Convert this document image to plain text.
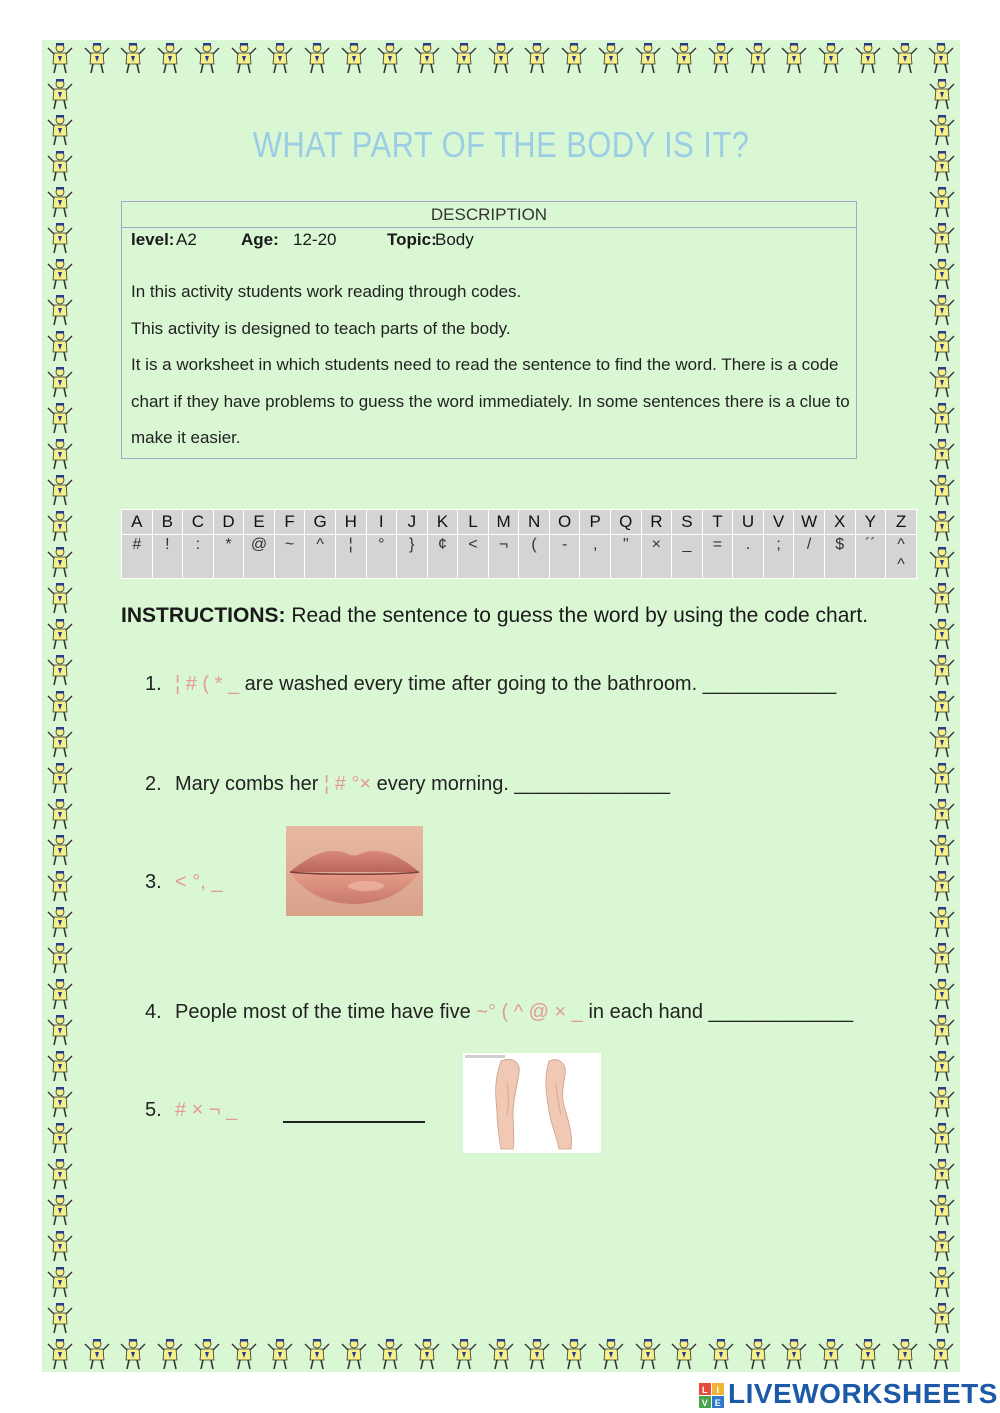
WHAT PART OF THE BODY IS IT?
DESCRIPTION
level:A2	Age: 12-20	Topic:Body

In this activity students work reading through codes.

This activity is designed to teach parts of the body.

It is a worksheet in which students need to read the sentence to find the word. There is a code chart if they have problems to guess the word immediately. In some sentences there is a clue to make it easier.

A	B	C	D	E	F	G	H	I	J	K	L	M	N	O	P	Q	R	S	T	U	V	W	X	Y	Z
#	!	:	*	@	~	^	¦	°	}	¢	<	¬	(	-	,	"	×	_	=	.	;	/	$	´´	^
^
INSTRUCTIONS: Read the sentence to guess the word by using the code chart.
1. ¦ # ( * _ are washed every time after going to the bathroom. ____________
2. Mary combs her ¦ # °× every morning. ______________
3. < °, _
4. People most of the time have five ~° ( ^ @ × _ in each hand _____________
5. # × ¬ _
L I
V E LIVEWORKSHEETS
